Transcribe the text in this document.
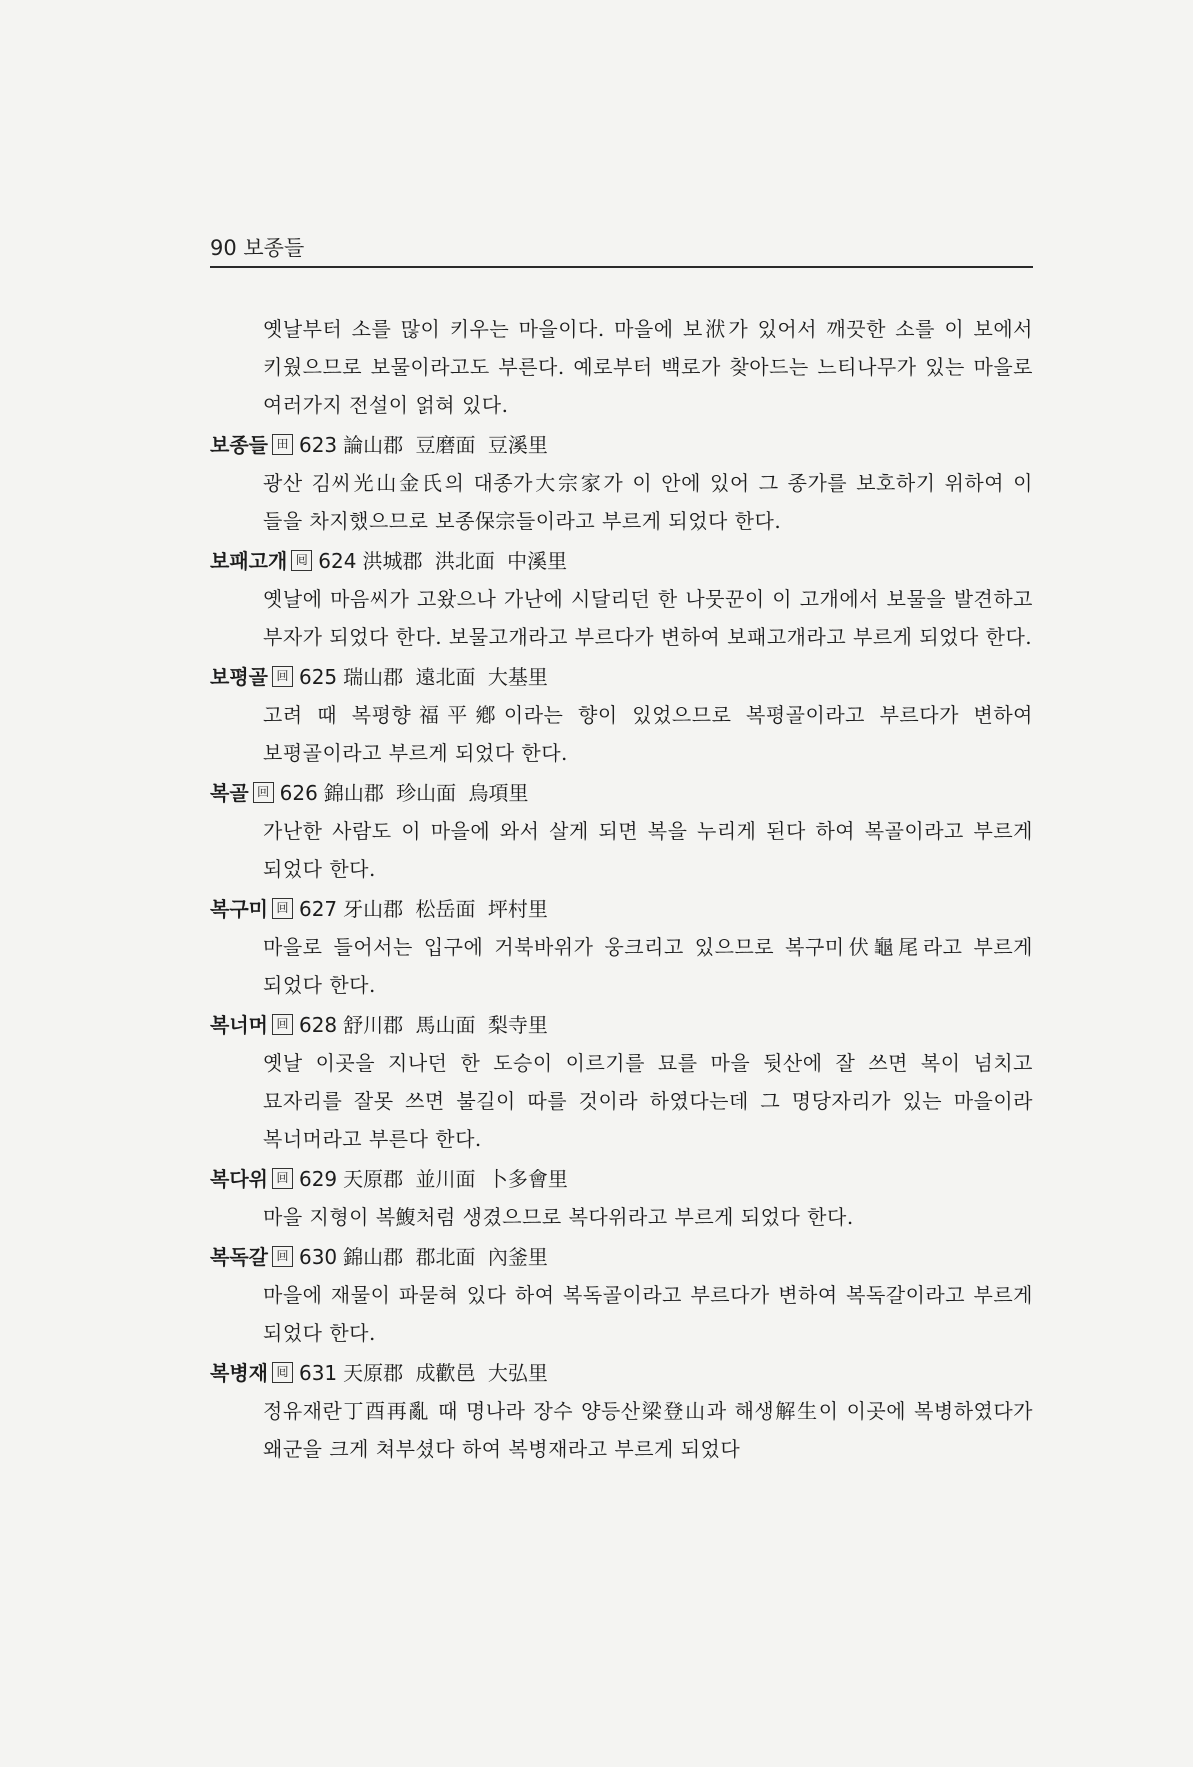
90 보종들

옛날부터 소를 많이 키우는 마을이다. 마을에 보洑가 있어서 깨끗한 소를 이 보에서 키웠으므로 보물이라고도 부른다. 예로부터 백로가 찾아드는 느티나무가 있는 마을로 여러가지 전설이 얽혀 있다.

보종들 田 623 論山郡 豆磨面 豆溪里

광산 김씨光山金氏의 대종가大宗家가 이 안에 있어 그 종가를 보호하기 위하여 이 들을 차지했으므로 보종保宗들이라고 부르게 되었다 한다.

보패고개 囘 624 洪城郡 洪北面 中溪里

옛날에 마음씨가 고왔으나 가난에 시달리던 한 나뭇꾼이 이 고개에서 보물을 발견하고 부자가 되었다 한다. 보물고개라고 부르다가 변하여 보패고개라고 부르게 되었다 한다.

보평골 回 625 瑞山郡 遠北面 大基里

고려 때 복평향福平鄕이라는 향이 있었으므로 복평골이라고 부르다가 변하여 보평골이라고 부르게 되었다 한다.

복골 回 626 錦山郡 珍山面 烏項里

가난한 사람도 이 마을에 와서 살게 되면 복을 누리게 된다 하여 복골이라고 부르게 되었다 한다.

복구미 回 627 牙山郡 松岳面 坪村里

마을로 들어서는 입구에 거북바위가 웅크리고 있으므로 복구미伏龜尾라고 부르게 되었다 한다.

복너머 回 628 舒川郡 馬山面 梨寺里

옛날 이곳을 지나던 한 도승이 이르기를 묘를 마을 뒷산에 잘 쓰면 복이 넘치고 묘자리를 잘못 쓰면 불길이 따를 것이라 하였다는데 그 명당자리가 있는 마을이라 복너머라고 부른다 한다.

복다위 回 629 天原郡 並川面 卜多會里

마을 지형이 복鰒처럼 생겼으므로 복다위라고 부르게 되었다 한다.

복독갈 回 630 錦山郡 郡北面 內釜里

마을에 재물이 파묻혀 있다 하여 복독골이라고 부르다가 변하여 복독갈이라고 부르게 되었다 한다.

복병재 囘 631 天原郡 成歡邑 大弘里

정유재란丁酉再亂 때 명나라 장수 양등산梁登山과 해생解生이 이곳에 복병하였다가 왜군을 크게 쳐부셨다 하여 복병재라고 부르게 되었다
